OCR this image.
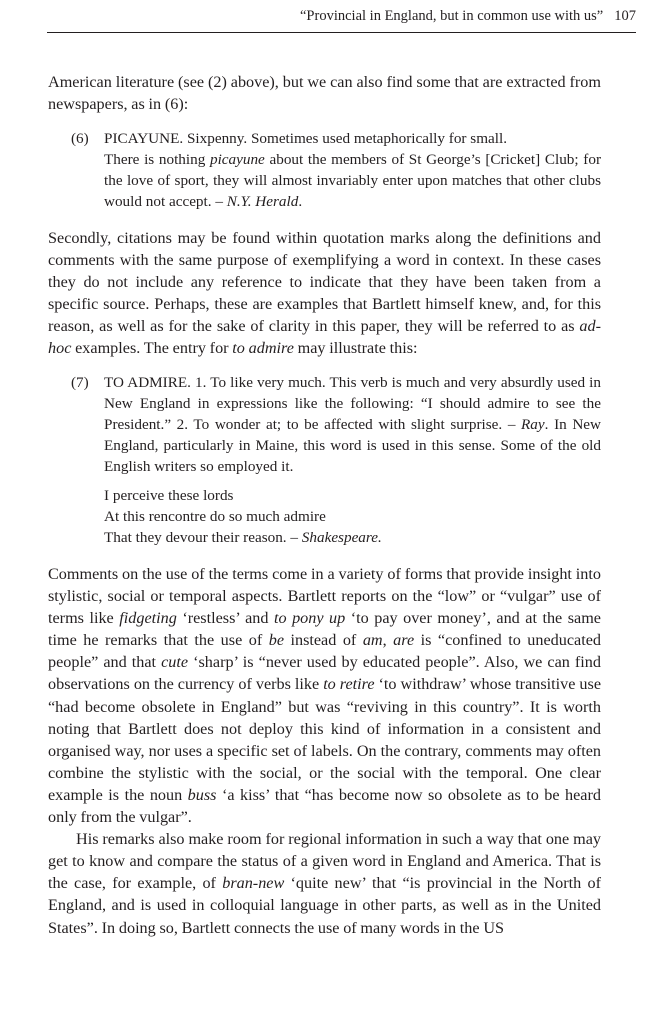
“Provincial in England, but in common use with us” 107
American literature (see (2) above), but we can also find some that are extracted from newspapers, as in (6):
(6) PICAYUNE. Sixpenny. Sometimes used metaphorically for small.
There is nothing picayune about the members of St George’s [Cricket] Club; for the love of sport, they will almost invariably enter upon matches that other clubs would not accept. – N.Y. Herald.
Secondly, citations may be found within quotation marks along the definitions and comments with the same purpose of exemplifying a word in context. In these cases they do not include any reference to indicate that they have been taken from a specific source. Perhaps, these are examples that Bartlett himself knew, and, for this reason, as well as for the sake of clarity in this paper, they will be referred to as ad-hoc examples. The entry for to admire may illustrate this:
(7) TO ADMIRE. 1. To like very much. This verb is much and very absurdly used in New England in expressions like the following: “I should admire to see the President.” 2. To wonder at; to be affected with slight surprise. – Ray. In New England, particularly in Maine, this word is used in this sense. Some of the old English writers so employed it.
I perceive these lords
At this rencontre do so much admire
That they devour their reason. – Shakespeare.
Comments on the use of the terms come in a variety of forms that provide insight into stylistic, social or temporal aspects. Bartlett reports on the “low” or “vulgar” use of terms like fidgeting ‘restless’ and to pony up ‘to pay over money’, and at the same time he remarks that the use of be instead of am, are is “confined to uneducated people” and that cute ‘sharp’ is “never used by educated people”. Also, we can find observations on the currency of verbs like to retire ‘to withdraw’ whose transitive use “had become obsolete in England” but was “reviving in this country”. It is worth noting that Bartlett does not deploy this kind of information in a consistent and organised way, nor uses a specific set of labels. On the contrary, comments may often combine the stylistic with the social, or the social with the temporal. One clear example is the noun buss ‘a kiss’ that “has become now so obsolete as to be heard only from the vulgar”.
His remarks also make room for regional information in such a way that one may get to know and compare the status of a given word in England and America. That is the case, for example, of bran-new ‘quite new’ that “is provincial in the North of England, and is used in colloquial language in other parts, as well as in the United States”. In doing so, Bartlett connects the use of many words in the US
